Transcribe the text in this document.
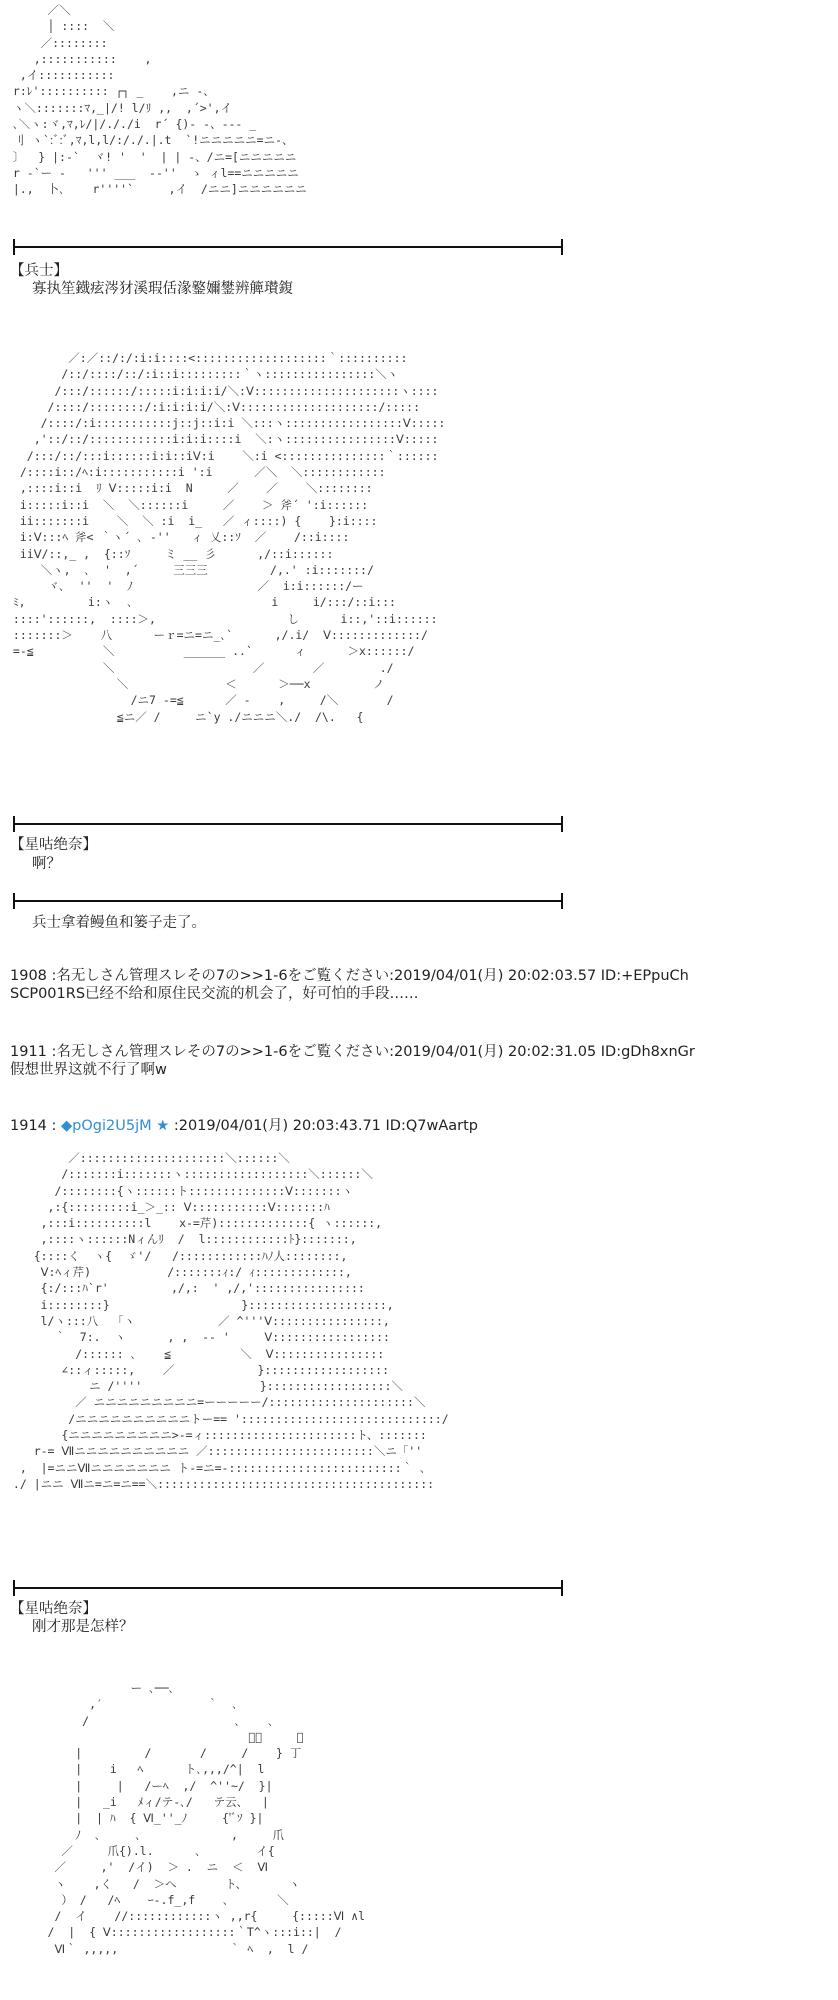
／＼
│ ::::  ＼
／::::::::
,:::::::::::    ,
,イ:::::::::::
r:ﾚ':::::::::: ┌┐ _    ,ニ -、
ヽ＼:::::::ﾏ,_|/! l/ﾘ ,,  ,´>',イ
､＼ヽ:ヾ,ﾏ,ﾚ/|/././i  r´ {)- -、--- _
刂 ヽ`:ﾞ:ﾞ,ﾏ,l,l/:/./.|.t  `!ニニニニニ=ニ-、
〕  } |:-`  ヾ! '  '  | | -、/ニ=[ニニニニニ
r -`ー -   ''' ___  --''  ゝ ィl==ニニニニニ
|.,  卜､    r''''`     ,イ  /ニニ]ニニニニニニ
【兵士】
寡执笙鐡痃涔犲溪瑕佸湪鐜嬭鐢辨簲瓉鍑
／:／::/:/:i:i::::<:::::::::::::::::::｀::::::::::
/::/::::/::/:i::i:::::::::｀ヽ::::::::::::::::＼ヽ
/:::/::::::/:::::i:i:i:i/＼:Ⅴ:::::::::::::::::::::ヽ::::
/::::/::::::::/:i:i:i:i/＼:Ⅴ::::::::::::::::::::/:::::
/::::/:i:::::::::::j::j::i:i ＼:::ヽ:::::::::::::::::Ⅴ:::::
,'::/::/::::::::::::i:i:i::::i  ＼:ヽ::::::::::::::::Ⅴ:::::
/:::/::/:::i::::::i:i::iⅤ:i    ＼:i <:::::::::::::::｀::::::
/::::i::/ﾍ:i:::::::::::i ':i      ／＼  ＼::::::::::::
,::::i::i  ﾘ Ⅴ:::::i:i  N     ／    ／    ＼::::::::
i:::::i::i  ＼  ＼::::::i     ／    ＞ 斧´ ':i::::::
ii:::::::i    ＼  ＼ :i  i_   ／ ィ::::) {    }:i::::
i:Ⅴ:::ﾍ 斧< ｀ヽ´ ､ -''   ィ 乂::ｿ  ／    /::i::::
iiⅤ/::,_ ,  {::ｿ     ミ __ 彡      ,/::i::::::
＼ヽ,  ､  '  ,´     三三三         /,.' :i:::::::/
ヾ､  ''  '  ﾉ                  ／  i:i::::::/ー
ﾐ,         i:ヽ  ､                    i     i/:::/::i:::
::::'::::::,  ::::＞,                   し      i::,'::i::::::
:::::::＞    八      ーｒ=ニ=ニ_､`      ,/.i/  Ⅴ:::::::::::::/
=-≦          ＼          ______ ..`      ィ      ＞x::::::/
＼                    ／       ／        ./
＼              ＜      ＞──x         ノ
/ニ7 -=≦      ／ -    ,     /＼       /
≦ニ／ /     ニ`y ./ニニニ＼./  /\.   {
【星咕绝奈】
啊？
兵士拿着鳗鱼和篓子走了。
1908 :名无しさん管理スレその7の>>1-6をご覧ください:2019/04/01(月) 20:02:03.57 ID:+EPpuCh
SCP001RS已经不给和原住民交流的机会了，好可怕的手段……
1911 :名无しさん管理スレその7の>>1-6をご覧ください:2019/04/01(月) 20:02:31.05 ID:gDh8xnGr
假想世界这就不行了啊w
1914 : ◆pOgi2U5jM ★ :2019/04/01(月) 20:03:43.71 ID:Q7wAartp
／:::::::::::::::::::::＼::::::＼
/:::::::i:::::::ヽ::::::::::::::::::＼::::::＼
/::::::::{ヽ::::::ト::::::::::::::Ⅴ:::::::ヽ
,:{:::::::::i_＞_:: Ⅴ:::::::::::Ⅴ:::::::ﾊ
,:::i::::::::::l    x-=芹):::::::::::::{ ヽ::::::,
,::::ヽ::::::Nィんﾘ  /  l::::::::::::ﾄ}:::::::,
{::::く  ヽ{  ゞ'/   /::::::::::::ﾊﾉ人::::::::,
Ⅴ:ﾍィ芹)           /:::::::ｨ:/ ｨ:::::::::::::,
{:/:::ﾊ`r'         ,/,:  ' ,/,'::::::::::::::::
i::::::::}                   }::::::::::::::::::::,
l/ヽ:::八  「ヽ            ／ ^'''Ⅴ::::::::::::::::,
｀  7:.  ヽ      , ,  -- '     Ⅴ:::::::::::::::::
/:::::: ､    ≦          ＼  Ⅴ::::::::::::::::
∠::ィ:::::,    ／            }::::::::::::::::::
ニ /''''                 }::::::::::::::::::＼
／ ニニニニニニニニニ=ーーーーー/:::::::::::::::::::::＼
/ニニニニニニニニニニトー== ':::::::::::::::::::::::::::::/
{ニニニニニニニニニ>-=ィ::::::::::::::::::::::ト、:::::::
r-= Ⅶニニニニニニニニニニ ／::::::::::::::::::::::::＼ニ「''
,  |=ニニⅦニニニニニニニ ト-=ニ=-:::::::::::::::::::::::::｀ ､
./ |ニニ Ⅶニ=ニ=ニ==＼::::::::::::::::::::::::::::::::::::::::
【星咕绝奈】
刚才那是怎样？
ー ､──､
,′               ｀  ､
/                     ､    ､
ﾞ､     ＼
|         /       /     /    } 丁
|    i   ﾍ      ト､,,,/^|  l
|     |   /ーﾍ  ,/  ^''~/  }|
|   _i   ﾒィ/テ-､/   テ云、  |
|  | ﾊ  { Ⅵ_''_ﾉ     {'ﾞｿ }|
ﾉ  ､     ､             ,     爪
／     爪{).l.      ､        イ{
／     ,'  /イ)  ＞ .  ニ  ＜  Ⅵ
ヽ    ,く   /  ＞へ       ト、      ヽ
） /   /ﾍ    ｰ-.f_,f    ､       ＼
/  イ    //::::::::::::ヽ ,,r{     {:::::Ⅵ ∧l
/  |  { Ⅴ::::::::::::::::::｀T^ヽ:::i::|  /
Ⅵ｀ ,,,,,                ｀ ﾍ  ,  l /
